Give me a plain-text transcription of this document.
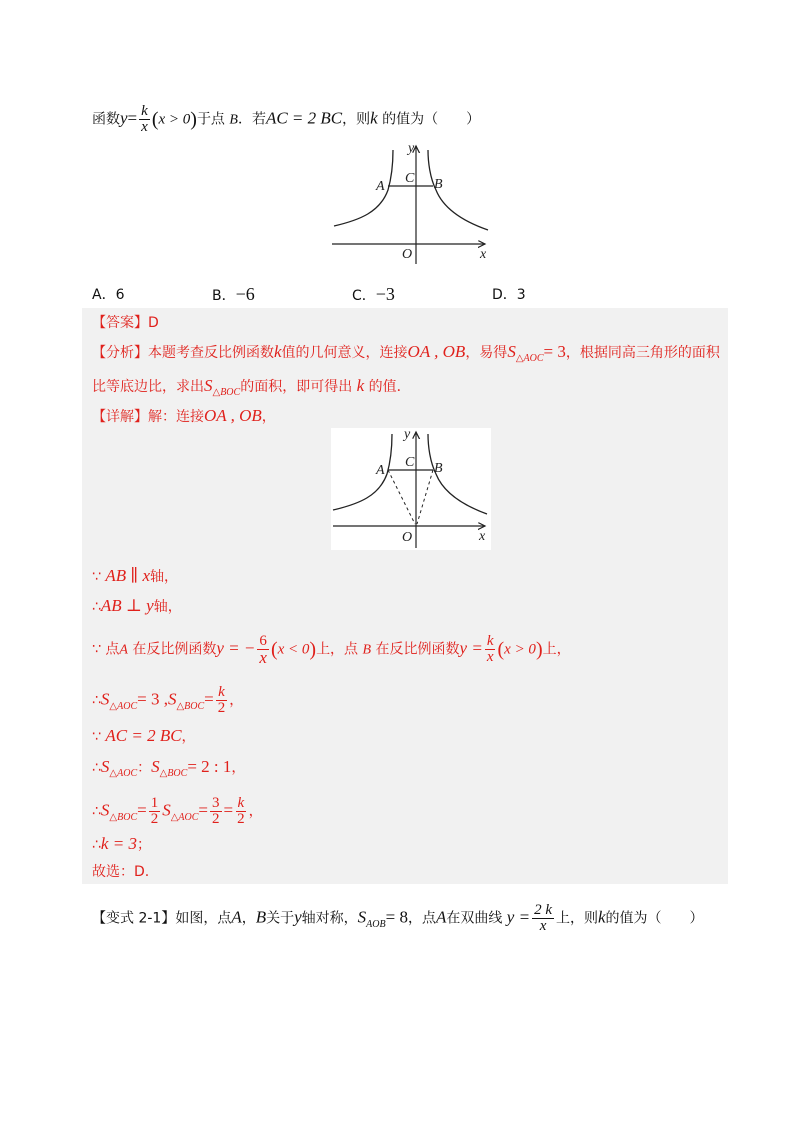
函数$y= \frac{k}{x} (x > 0)$于点 B．若AC = 2 BC，则k 的值为（　　）
y
x
O
A	B
C
A．6	B．−6	C．−3	D．3
【答案】D
【分析】本题考查反比例函数k值的几何意义，连接OA , OB，易得$S_{\triangle AOC}= 3$，根据同高三角形的面积
比等底边比，求出$S_{\triangle BOC}$的面积，即可得出 k 的值．
【详解】解：连接OA , OB，
y
x
O
A	B
C
∵ AB ∥ x轴，
∴AB ⊥ y轴，
∵ 点A 在反比例函数y = − $\frac{6}{x} (x < 0)$上，点 B 在反比例函数$y = \frac{k}{x} (x > 0)$上，
$\therefore S_{\triangle AOC}= 3$ $,S_{\triangle BOC}= \frac{k}{2}$ ，
∵ AC = 2 BC，
$\therefore S_{\triangle AOC}$：$S_{\triangle BOC}= 2$ : 1，
$\therefore S_{\triangle BOC}= \frac{1}{2} S_{\triangle AOC}= \frac{3}{2} = \frac{k}{2}$ ，
∴k = 3；
故选：D.
【变式 2-1】如图，点A，B关于y轴对称，$S_{AOB}= 8$，点A在双曲线 $y = \frac{2 k}{x}$ 上，则k的值为（　　）
